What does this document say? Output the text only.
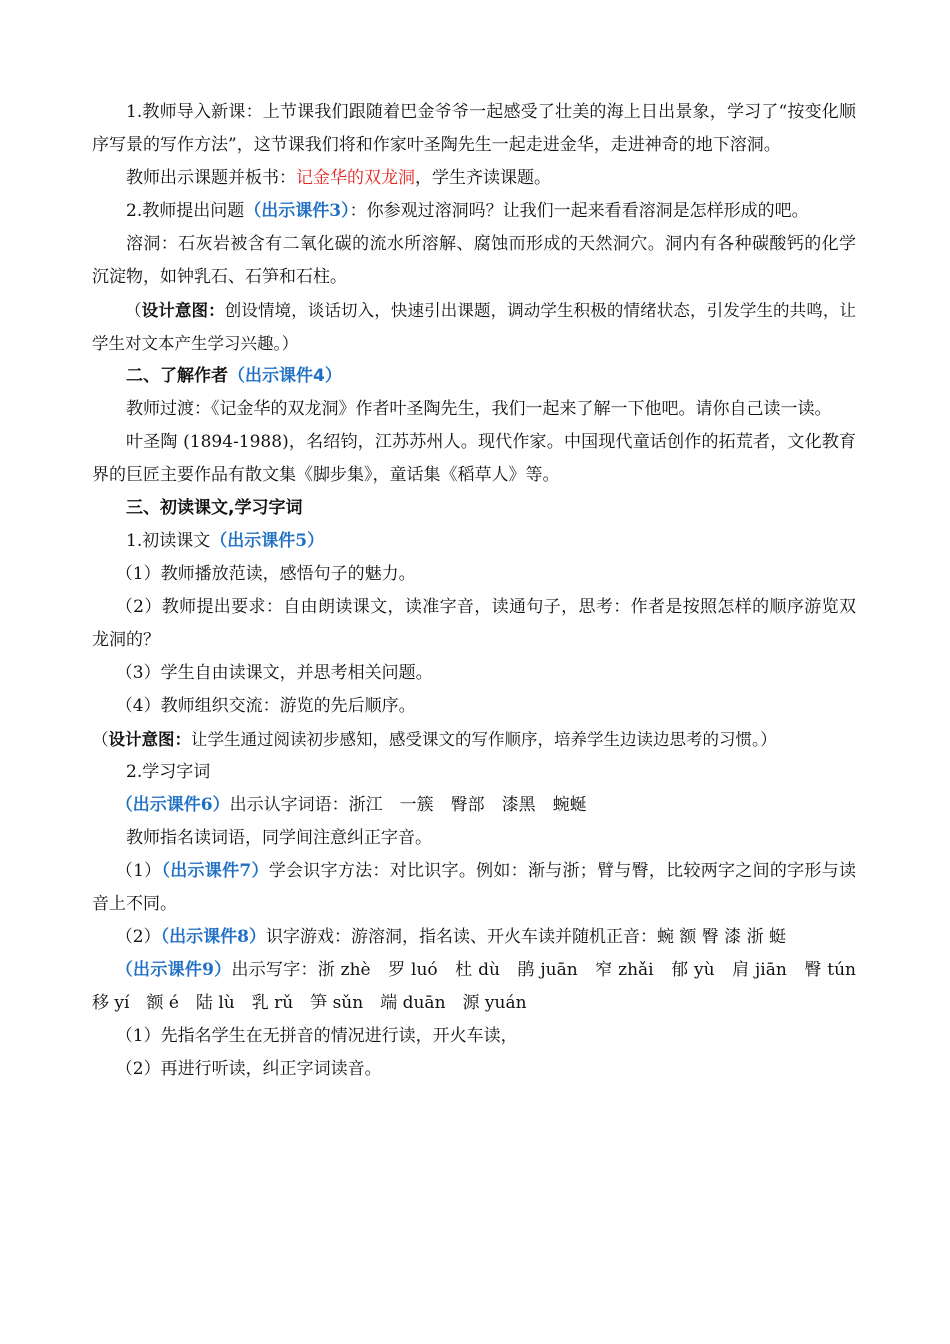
1.教师导入新课：上节课我们跟随着巴金爷爷一起感受了壮美的海上日出景象，学习了“按变化顺序写景的写作方法”，这节课我们将和作家叶圣陶先生一起走进金华，走进神奇的地下溶洞。

教师出示课题并板书：记金华的双龙洞，学生齐读课题。

2.教师提出问题（出示课件3）：你参观过溶洞吗？让我们一起来看看溶洞是怎样形成的吧。

溶洞：石灰岩被含有二氧化碳的流水所溶解、腐蚀而形成的天然洞穴。洞内有各种碳酸钙的化学沉淀物，如钟乳石、石笋和石柱。

（设计意图：创设情境，谈话切入，快速引出课题，调动学生积极的情绪状态，引发学生的共鸣，让学生对文本产生学习兴趣。）

二、了解作者（出示课件4）

教师过渡：《记金华的双龙洞》作者叶圣陶先生，我们一起来了解一下他吧。请你自己读一读。

叶圣陶 (1894-1988)，名绍钧，江苏苏州人。现代作家。中国现代童话创作的拓荒者，文化教育界的巨匠主要作品有散文集《脚步集》，童话集《稻草人》等。

三、初读课文,学习字词

1.初读课文（出示课件5）

（1）教师播放范读，感悟句子的魅力。

（2）教师提出要求：自由朗读课文，读准字音，读通句子，思考：作者是按照怎样的顺序游览双龙洞的？

（3）学生自由读课文，并思考相关问题。

（4）教师组织交流：游览的先后顺序。

（设计意图：让学生通过阅读初步感知，感受课文的写作顺序，培养学生边读边思考的习惯。）

2.学习字词

（出示课件6）出示认字词语：浙江　一簇　臀部　漆黑　蜿蜒

教师指名读词语，同学间注意纠正字音。

（1）（出示课件7）学会识字方法：对比识字。例如：渐与浙；臂与臀，比较两字之间的字形与读音上不同。

（2）（出示课件8）识字游戏：游溶洞，指名读、开火车读并随机正音：蜿 额 臀 漆 浙 蜓

（出示课件9）出示写字：浙 zhè　罗 luó　杜 dù　鹃 juān　窄 zhǎi　郁 yù　肩 jiān　臀 tún　移 yí　额 é　陆 lù　乳 rǔ　笋 sǔn　端 duān　源 yuán

（1）先指名学生在无拼音的情况进行读，开火车读，

（2）再进行听读，纠正字词读音。
